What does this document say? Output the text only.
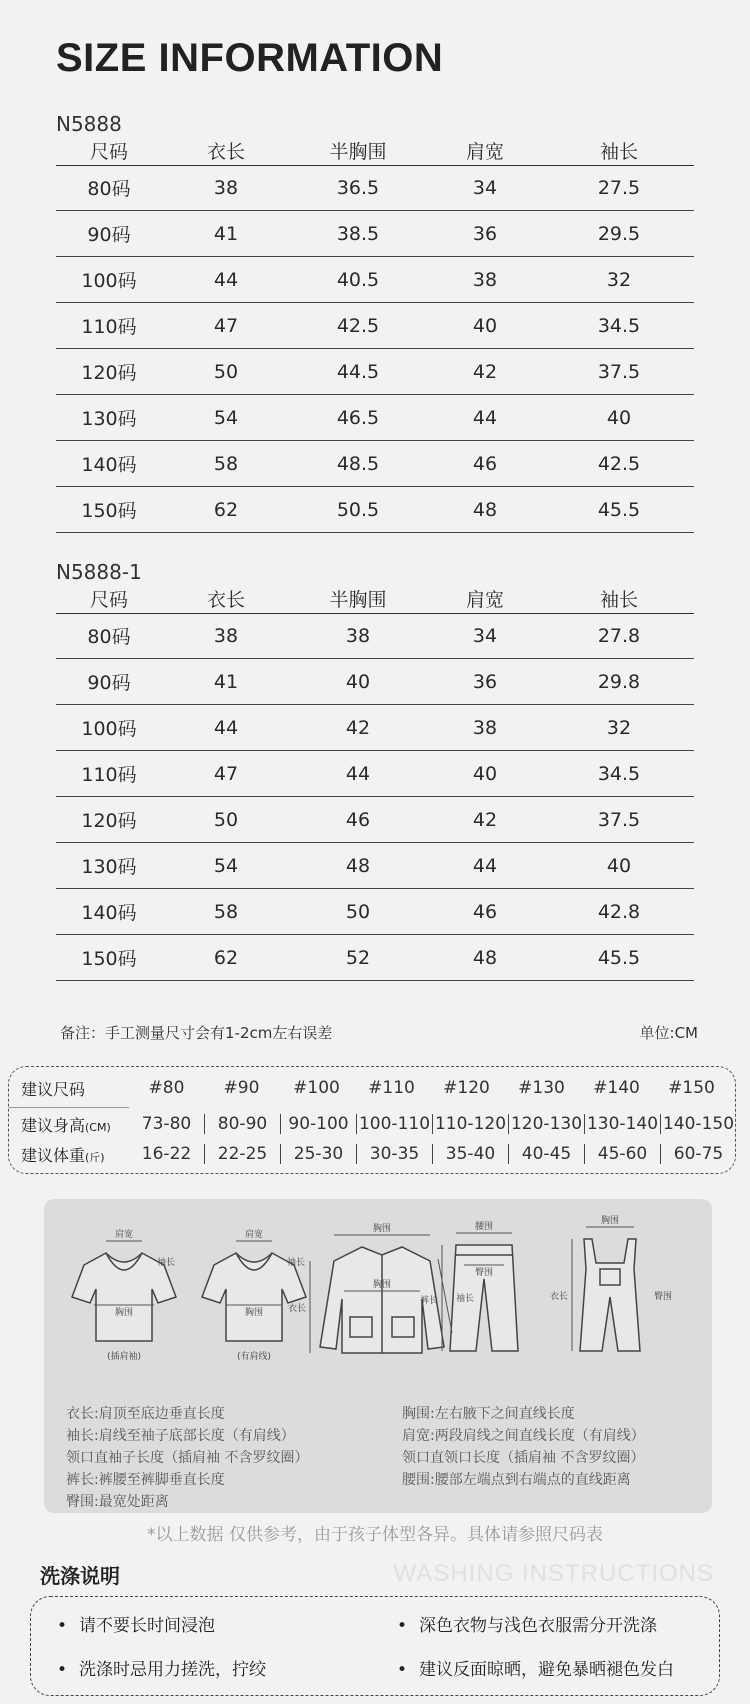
SIZE INFORMATION
N5888
尺码	衣长	半胸围	肩宽	袖长
80码	38	36.5	34	27.5
90码	41	38.5	36	29.5
100码	44	40.5	38	32
110码	47	42.5	40	34.5
120码	50	44.5	42	37.5
130码	54	46.5	44	40
140码	58	48.5	46	42.5
150码	62	50.5	48	45.5
N5888-1
尺码	衣长	半胸围	肩宽	袖长
80码	38	38	34	27.8
90码	41	40	36	29.8
100码	44	42	38	32
110码	47	44	40	34.5
120码	50	46	42	37.5
130码	54	48	44	40
140码	58	50	46	42.8
150码	62	52	48	45.5
备注：手工测量尺寸会有1-2cm左右误差	单位:CM
建议尺码	#80	#90	#100	#110	#120	#130	#140	#150
建议身高(CM)	73-80	80-90	90-100 100-110 110-120 120-130 130-140 140-150
建议体重(斤)	16-22	22-25	25-30	30-35	35-40	40-45	45-60	60-75
肩宽
袖长
胸围
(插肩袖)
肩宽
袖长
胸围
(有肩线)
胸围
衣长
胸围
袖长
腰围
臀围
裤长
胸围
衣长	臀围
衣长:肩顶至底边垂直长度
袖长:肩线至袖子底部长度（有肩线）
领口直袖子长度（插肩袖 不含罗纹圈）
裤长:裤腰至裤脚垂直长度
臀围:最宽处距离
胸围:左右腋下之间直线长度
肩宽:两段肩线之间直线长度（有肩线）
领口直领口长度（插肩袖 不含罗纹圈）
腰围:腰部左端点到右端点的直线距离
*以上数据 仅供参考，由于孩子体型各异。具体请参照尺码表
洗涤说明	WASHING INSTRUCTIONS
• 请不要长时间浸泡	• 深色衣物与浅色衣服需分开洗涤
• 洗涤时忌用力搓洗，拧绞	• 建议反面晾晒，避免暴晒褪色发白
